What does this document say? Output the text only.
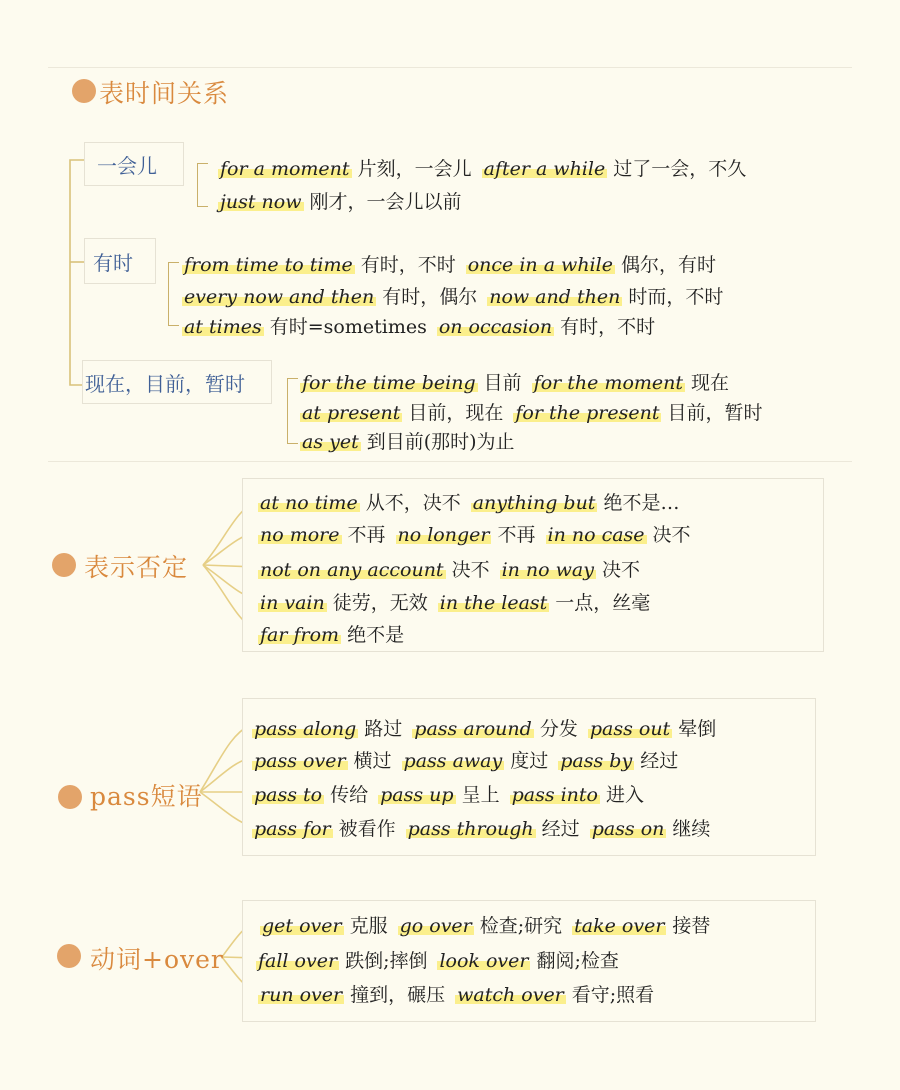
表时间关系
一会儿	for a moment 片刻，一会儿 after a while 过了一会，不久
just now 刚才，一会儿以前
有时	from time to time 有时，不时 once in a while 偶尔，有时
every now and then 有时，偶尔 now and then 时而，不时
at times 有时=sometimes on occasion 有时，不时
现在，目前，暂时	for the time being 目前 for the moment 现在
at present 目前，现在 for the present 目前，暂时
as yet 到目前(那时)为止
表示否定
at no time 从不，决不 anything but 绝不是…
no more 不再 no longer 不再 in no case 决不
not on any account 决不 in no way 决不
in vain 徒劳，无效 in the least 一点，丝毫
far from 绝不是
pass短语
pass along 路过 pass around 分发 pass out 晕倒
pass over 横过 pass away 度过 pass by 经过
pass to 传给 pass up 呈上 pass into 进入
pass for 被看作 pass through 经过 pass on 继续
动词+over
get over 克服 go over 检查;研究 take over 接替
fall over 跌倒;摔倒 look over 翻阅;检查
run over 撞到，碾压 watch over 看守;照看
